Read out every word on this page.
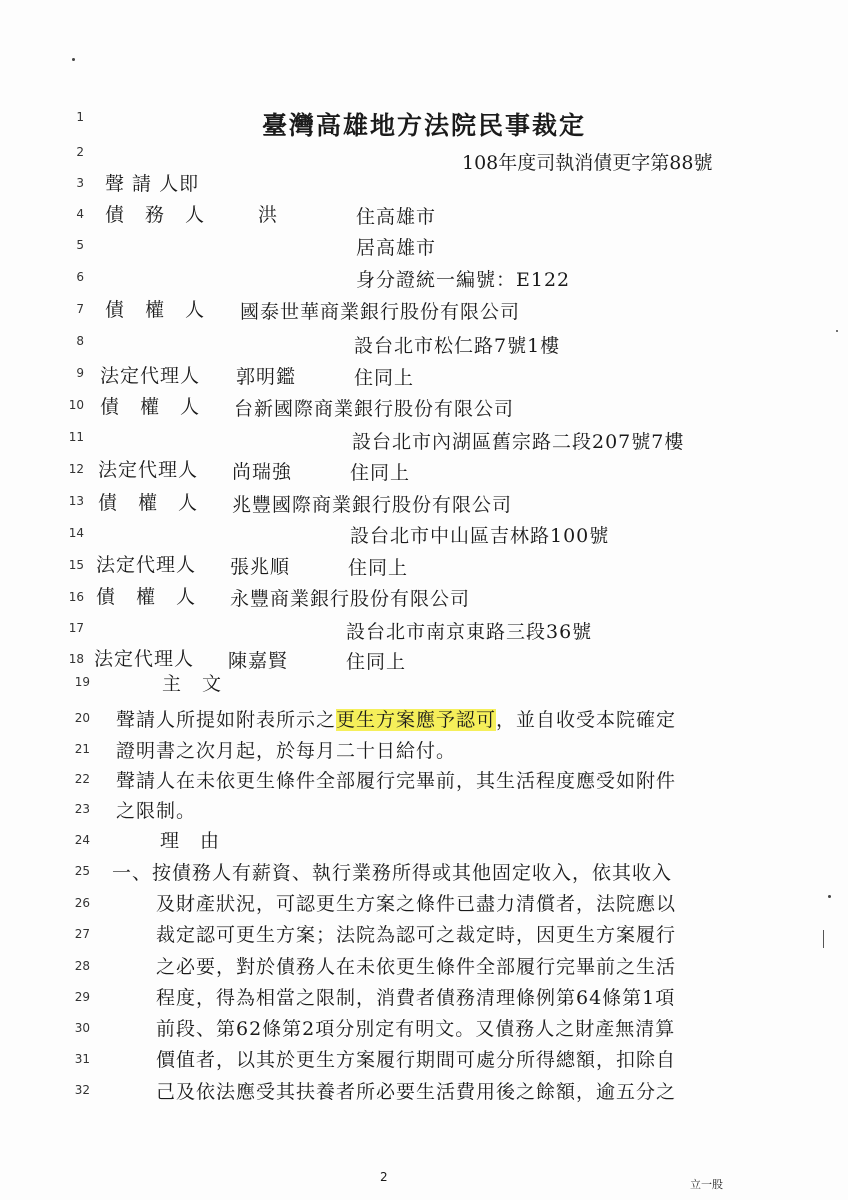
臺灣高雄地方法院民事裁定
108年度司執消債更字第88號
1
2
3
4
5
6
7
8
9
10
11
12
13
14
15
16
17
18
19
20
21
22
23
24
25
26
27
28
29
30
31
32
聲 請 人即
債　務　人	洪	住高雄市
居高雄市
身分證統一編號：E122
債　權　人 國泰世華商業銀行股份有限公司
設台北市松仁路7號1樓
法定代理人 郭明鑑	住同上
債　權　人 台新國際商業銀行股份有限公司
設台北市內湖區舊宗路二段207號7樓
法定代理人 尚瑞強	住同上
債　權　人 兆豐國際商業銀行股份有限公司
設台北市中山區吉林路100號
法定代理人 張兆順	住同上
債　權　人 永豐商業銀行股份有限公司
設台北市南京東路三段36號
法定代理人 陳嘉賢	住同上
主　文
聲請人所提如附表所示之更生方案應予認可，並自收受本院確定
證明書之次月起，於每月二十日給付。
聲請人在未依更生條件全部履行完畢前，其生活程度應受如附件
之限制。
理　由
一、按債務人有薪資、執行業務所得或其他固定收入，依其收入
及財產狀況，可認更生方案之條件已盡力清償者，法院應以
裁定認可更生方案；法院為認可之裁定時，因更生方案履行
之必要，對於債務人在未依更生條件全部履行完畢前之生活
程度，得為相當之限制，消費者債務清理條例第64條第1項
前段、第62條第2項分別定有明文。又債務人之財產無清算
價值者，以其於更生方案履行期間可處分所得總額，扣除自
己及依法應受其扶養者所必要生活費用後之餘額，逾五分之
2
立一股
